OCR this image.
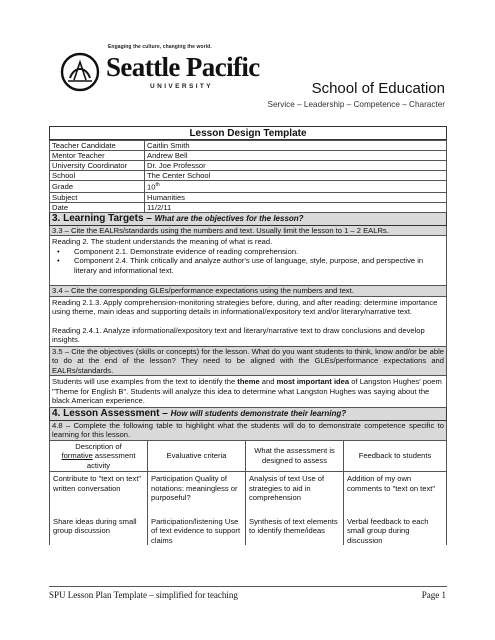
Engaging the culture, changing the world.
Seattle Pacific
UNIVERSITY	School of Education
Service – Leadership – Competence – Character
Lesson Design Template
Teacher Candidate	Caitlin Smith
Mentor Teacher	Andrew Bell
University Coordinator	Dr. Joe Professor
School	The Center School
Grade	10th
Subject	Humanities
Date	11/2/11
3. Learning Targets – What are the objectives for the lesson?
3.3 – Cite the EALRs/standards using the numbers and text. Usually limit the lesson to 1 – 2 EALRs.
Reading 2. The student understands the meaning of what is read.
•	Component 2.1. Demonstrate evidence of reading comprehension.
•	Component 2.4. Think critically and analyze author's use of language, style, purpose, and perspective in literary and informational text.
3.4 – Cite the corresponding GLEs/performance expectations using the numbers and text.
Reading 2.1.3. Apply comprehension-monitoring strategies before, during, and after reading: determine importance using theme, main ideas and supporting details in informational/expository text and/or literary/narrative text.
Reading 2.4.1. Analyze informational/expository text and literary/narrative text to draw conclusions and develop insights.
3.5 – Cite the objectives (skills or concepts) for the lesson. What do you want students to think, know and/or be able to do at the end of the lesson? They need to be aligned with the GLEs/performance expectations and EALRs/standards.
Students will use examples from the text to identify the theme and most important idea of Langston Hughes' poem "Theme for English B". Students will analyze this idea to determine what Langston Hughes was saying about the black American experience.
4. Lesson Assessment – How will students demonstrate their learning?
4.8 – Complete the following table to highlight what the students will do to demonstrate competence specific to learning for this lesson.
Description of
formative assessment activity	Evaluative criteria	What the assessment is designed to assess	Feedback to students
Contribute to "text on text" written conversation	Participation Quality of notations: meaningless or purposeful?	Analysis of text Use of strategies to aid in comprehension	Addition of my own comments to "text on text"
Share ideas during small group discussion	Participation/listening Use of text evidence to support claims	Synthesis of text elements to identify theme/ideas	Verbal feedback to each small group during discussion
SPU Lesson Plan Template – simplified for teaching	Page 1
